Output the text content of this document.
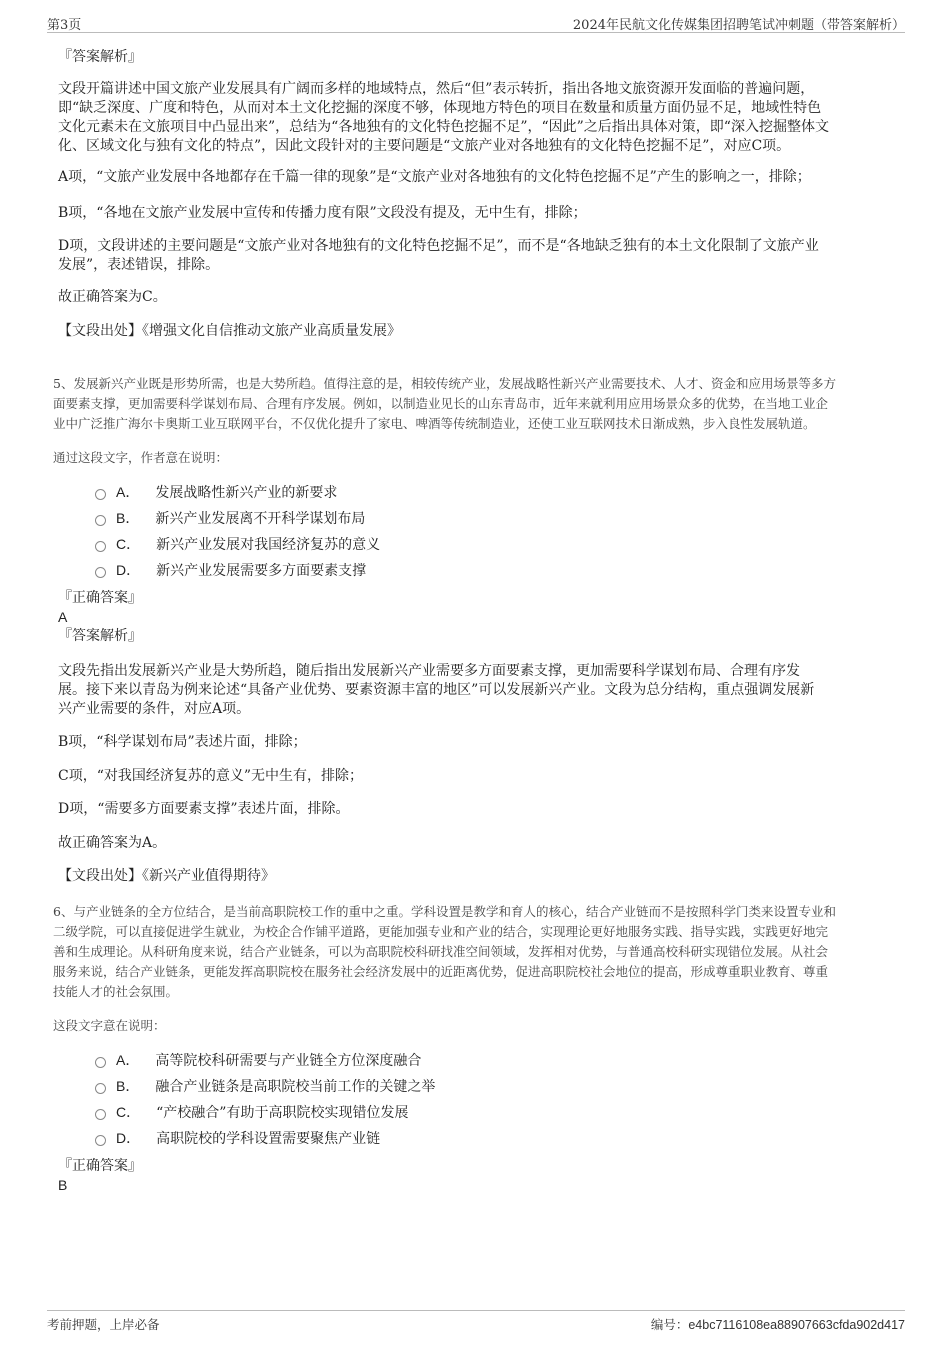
第3页	2024年民航文化传媒集团招聘笔试冲刺题（带答案解析）

『答案解析』

文段开篇讲述中国文旅产业发展具有广阔而多样的地域特点，然后“但”表示转折，指出各地文旅资源开发面临的普遍问题，

即“缺乏深度、广度和特色，从而对本土文化挖掘的深度不够，体现地方特色的项目在数量和质量方面仍显不足，地域性特色

文化元素未在文旅项目中凸显出来”，总结为“各地独有的文化特色挖掘不足”，“因此”之后指出具体对策，即“深入挖掘整体文

化、区域文化与独有文化的特点”，因此文段针对的主要问题是“文旅产业对各地独有的文化特色挖掘不足”，对应C项。

A项，“文旅产业发展中各地都存在千篇一律的现象”是“文旅产业对各地独有的文化特色挖掘不足”产生的影响之一，排除；

B项，“各地在文旅产业发展中宣传和传播力度有限”文段没有提及，无中生有，排除；

D项，文段讲述的主要问题是“文旅产业对各地独有的文化特色挖掘不足”，而不是“各地缺乏独有的本土文化限制了文旅产业

发展”，表述错误，排除。

故正确答案为C。

【文段出处】《增强文化自信推动文旅产业高质量发展》

5、发展新兴产业既是形势所需，也是大势所趋。值得注意的是，相较传统产业，发展战略性新兴产业需要技术、人才、资金和应用场景等多方

面要素支撑，更加需要科学谋划布局、合理有序发展。例如，以制造业见长的山东青岛市，近年来就利用应用场景众多的优势，在当地工业企

业中广泛推广海尔卡奥斯工业互联网平台，不仅优化提升了家电、啤酒等传统制造业，还使工业互联网技术日渐成熟，步入良性发展轨道。

通过这段文字，作者意在说明：

A． 发展战略性新兴产业的新要求
B． 新兴产业发展离不开科学谋划布局
C． 新兴产业发展对我国经济复苏的意义
D． 新兴产业发展需要多方面要素支撑

『正确答案』

A

『答案解析』

文段先指出发展新兴产业是大势所趋，随后指出发展新兴产业需要多方面要素支撑，更加需要科学谋划布局、合理有序发

展。接下来以青岛为例来论述“具备产业优势、要素资源丰富的地区”可以发展新兴产业。文段为总分结构，重点强调发展新

兴产业需要的条件，对应A项。

B项，“科学谋划布局”表述片面，排除；

C项，“对我国经济复苏的意义”无中生有，排除；

D项，“需要多方面要素支撑”表述片面，排除。

故正确答案为A。

【文段出处】《新兴产业值得期待》

6、与产业链条的全方位结合，是当前高职院校工作的重中之重。学科设置是教学和育人的核心，结合产业链而不是按照科学门类来设置专业和

二级学院，可以直接促进学生就业，为校企合作铺平道路，更能加强专业和产业的结合，实现理论更好地服务实践、指导实践，实践更好地完

善和生成理论。从科研角度来说，结合产业链条，可以为高职院校科研找准空间领域，发挥相对优势，与普通高校科研实现错位发展。从社会

服务来说，结合产业链条，更能发挥高职院校在服务社会经济发展中的近距离优势，促进高职院校社会地位的提高，形成尊重职业教育、尊重

技能人才的社会氛围。

这段文字意在说明：

A． 高等院校科研需要与产业链全方位深度融合
B． 融合产业链条是高职院校当前工作的关键之举
C． “产校融合”有助于高职院校实现错位发展
D． 高职院校的学科设置需要聚焦产业链

『正确答案』

B

考前押题，上岸必备	编号：e4bc7116108ea88907663cfda902d417
